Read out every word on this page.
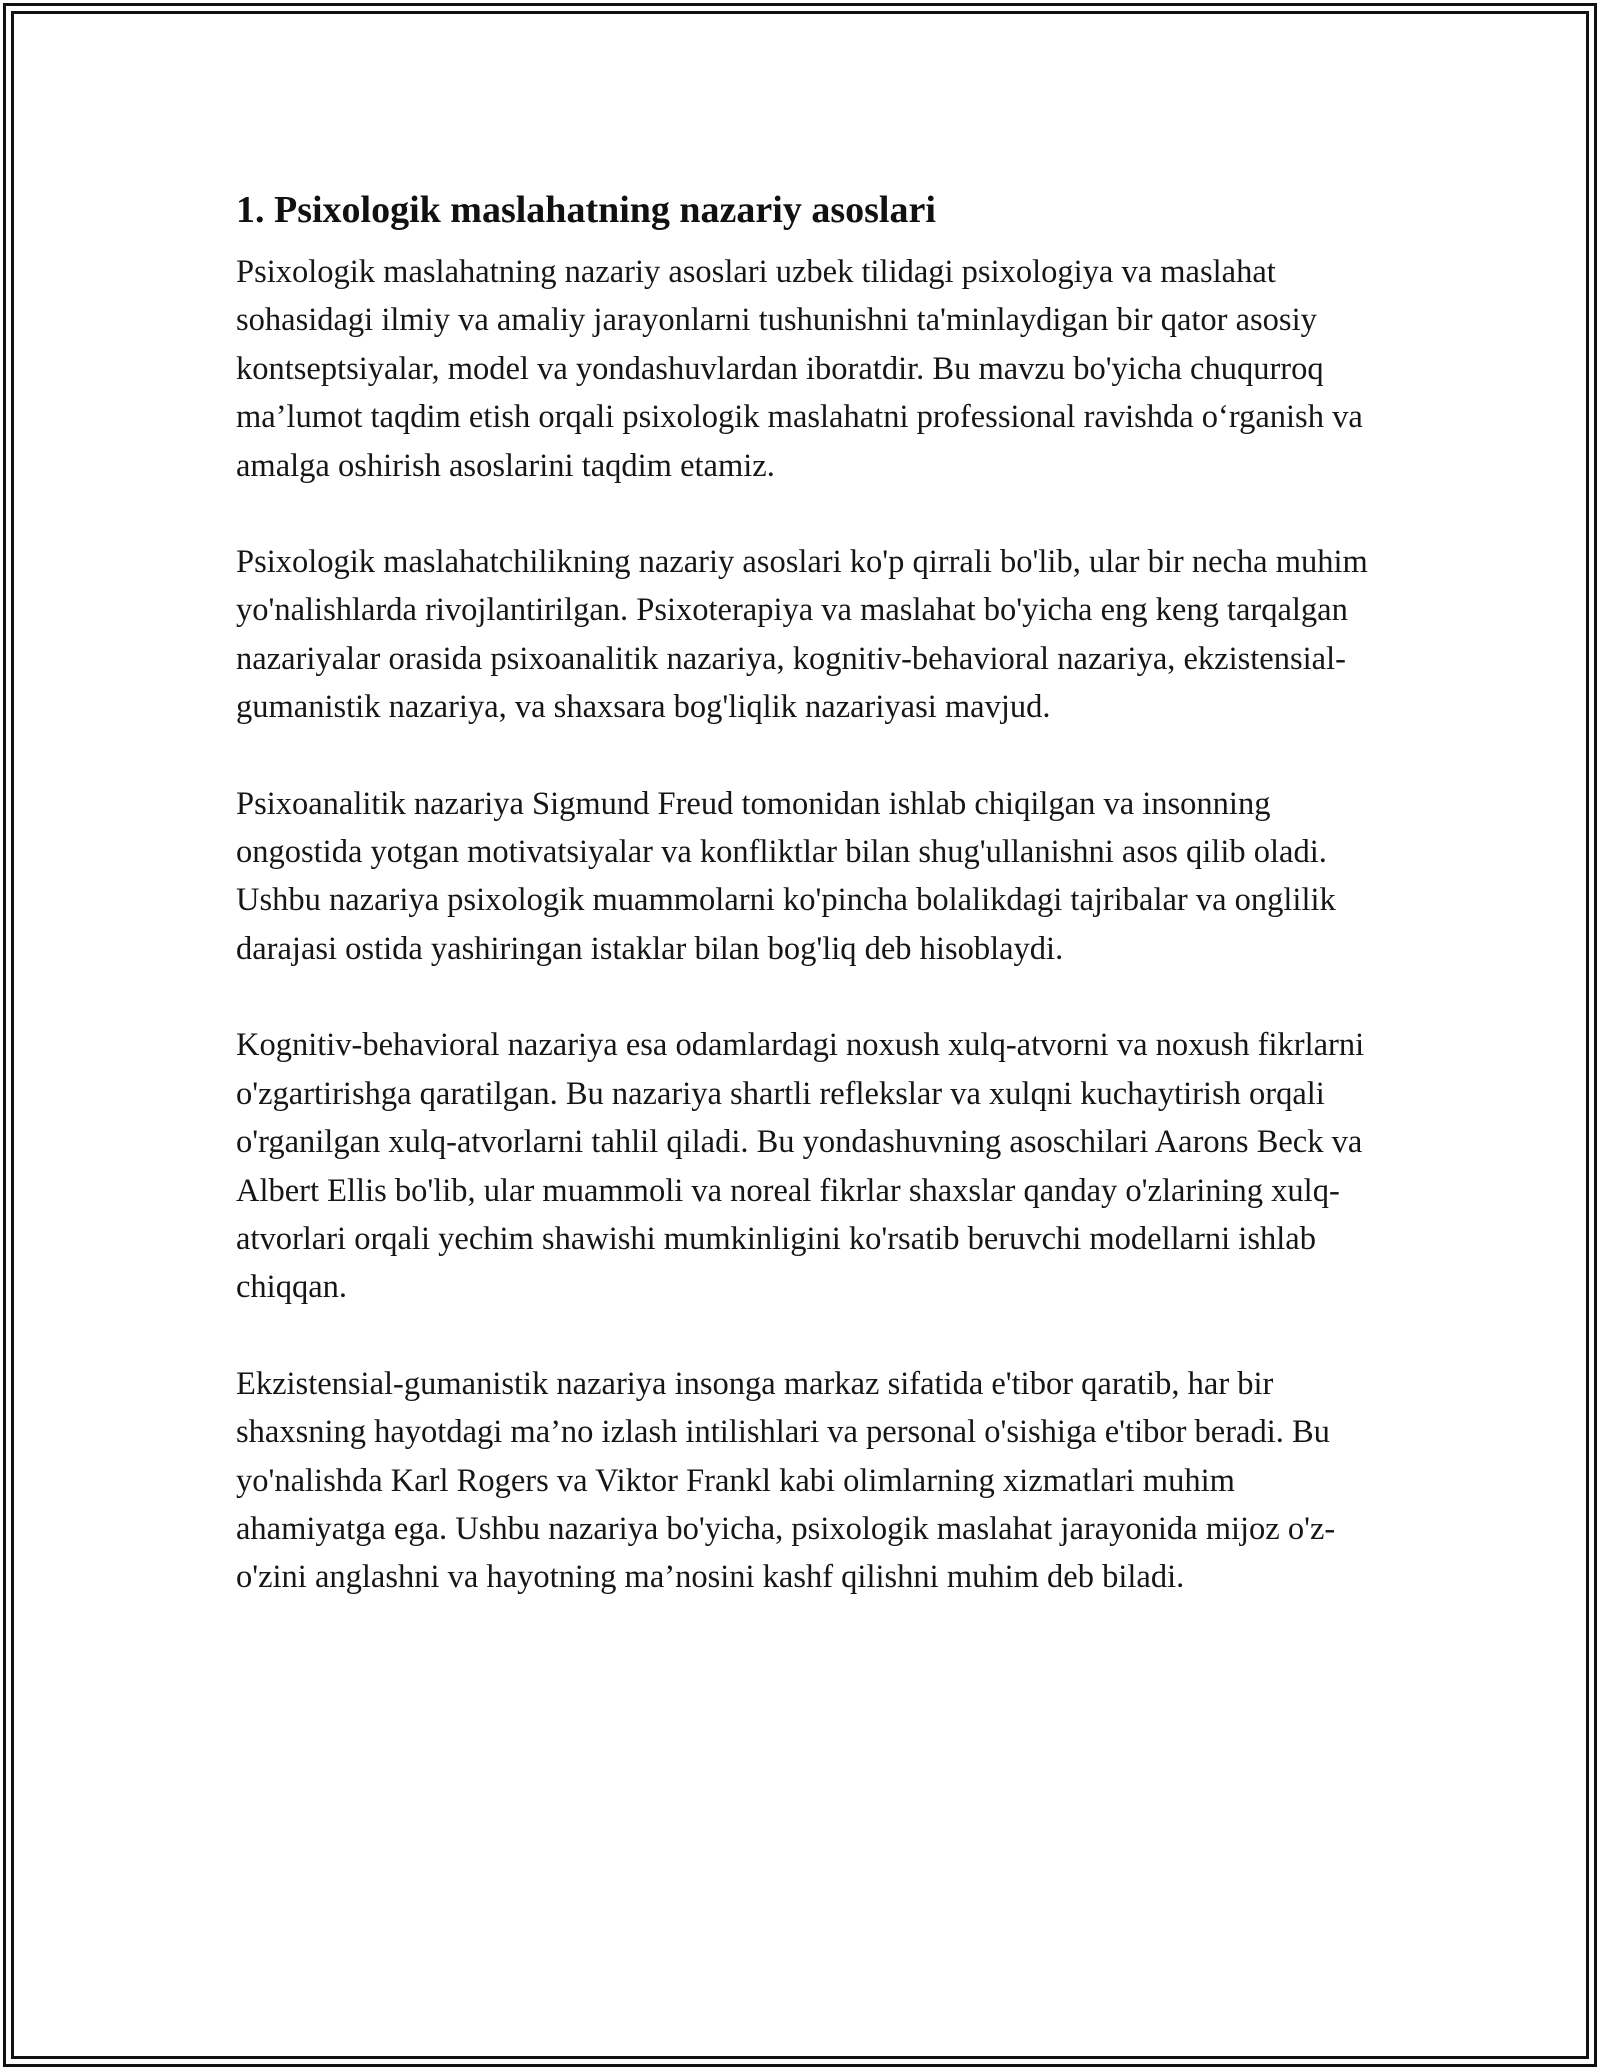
1. Psixologik maslahatning nazariy asoslari

Psixologik maslahatning nazariy asoslari uzbek tilidagi psixologiya va maslahat sohasidagi ilmiy va amaliy jarayonlarni tushunishni ta'minlaydigan bir qator asosiy kontseptsiyalar, model va yondashuvlardan iboratdir. Bu mavzu bo'yicha chuqurroq ma’lumot taqdim etish orqali psixologik maslahatni professional ravishda o‘rganish va amalga oshirish asoslarini taqdim etamiz.

Psixologik maslahatchilikning nazariy asoslari ko'p qirrali bo'lib, ular bir necha muhim yo'nalishlarda rivojlantirilgan. Psixoterapiya va maslahat bo'yicha eng keng tarqalgan nazariyalar orasida psixoanalitik nazariya, kognitiv-behavioral nazariya, ekzistensial-gumanistik nazariya, va shaxsara bog'liqlik nazariyasi mavjud.

Psixoanalitik nazariya Sigmund Freud tomonidan ishlab chiqilgan va insonning ongostida yotgan motivatsiyalar va konfliktlar bilan shug'ullanishni asos qilib oladi. Ushbu nazariya psixologik muammolarni ko'pincha bolalikdagi tajribalar va onglilik darajasi ostida yashiringan istaklar bilan bog'liq deb hisoblaydi.

Kognitiv-behavioral nazariya esa odamlardagi noxush xulq-atvorni va noxush fikrlarni o'zgartirishga qaratilgan. Bu nazariya shartli reflekslar va xulqni kuchaytirish orqali o'rganilgan xulq-atvorlarni tahlil qiladi. Bu yondashuvning asoschilari Aarons Beck va Albert Ellis bo'lib, ular muammoli va noreal fikrlar shaxslar qanday o'zlarining xulq-atvorlari orqali yechim shawishi mumkinligini ko'rsatib beruvchi modellarni ishlab chiqqan.

Ekzistensial-gumanistik nazariya insonga markaz sifatida e'tibor qaratib, har bir shaxsning hayotdagi ma’no izlash intilishlari va personal o'sishiga e'tibor beradi. Bu yo'nalishda Karl Rogers va Viktor Frankl kabi olimlarning xizmatlari muhim ahamiyatga ega. Ushbu nazariya bo'yicha, psixologik maslahat jarayonida mijoz o'z-o'zini anglashni va hayotning ma’nosini kashf qilishni muhim deb biladi.
